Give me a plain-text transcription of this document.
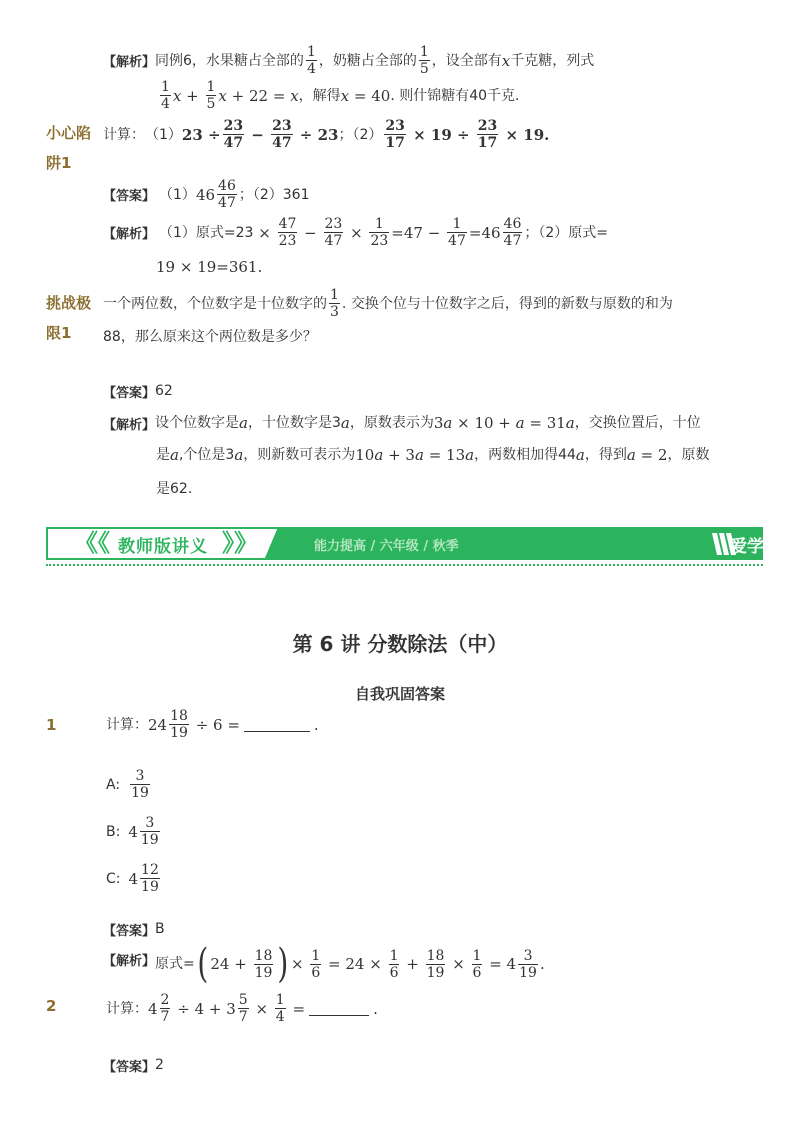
【解析】 同例6，水果糖占全部的 $\frac{1}{4}$ ，奶糖占全部的 $\frac{1}{5}$ ，设全部有 x 千克糖，列式
$\frac{1}{4}$ $x + \frac{1}{5}$ x + 22 = x ，解得 x = 40 . 则什锦糖有40千克.
小心陷
阱1
计算： （1） $23 \div \frac{23}{47} - \frac{23}{47} \div 23$ ；$(2) \frac{23}{17} \times 19 \div \frac{23}{17} \times 19$.
【答案】 （1） $46 \frac{46}{47}$ ；（2）361
【解析】 （1）原式$=23 \times \frac{47}{23} - \frac{23}{47} \times \frac{1}{23} =47 - \frac{1}{47} =46 \frac{46}{47}$ ；（2）原式=
19 × 19=361.
挑战极
限1
一个两位数，个位数字是十位数字的 $\frac{1}{3}$ . 交换个位与十位数字之后，得到的新数与原数的和为
88，那么原来这个两位数是多少？
【答案】 62
【解析】 设个位数字是 a ，十位数字是3 a ，原数表示为 3a × 10 + a = 31a ，交换位置后，十位
是 a ,个位是3 a ，则新数可表示为 10a + 3a = 13a ，两数相加得44 a ，得到 a = 2 ，原数
是62.
《《 教师版讲义 》》	能力提高 / 六年级 / 秋季	爱学习
第 6 讲 分数除法（中）
自我巩固答案
1	计算： $24 \frac{18}{19} \div 6$ =	.
A: $\frac{3}{19}$
B: $4 \frac{3}{19}$
C: $4 \frac{12}{19}$
【答案】 B
【解析】 原式= ( $24 + \frac{18}{19}$ ) × $\frac{1}{6} = 24 \times \frac{1}{6} + \frac{18}{19} \times \frac{1}{6} = 4 \frac{3}{19}$ .
2	计算： $4 \frac{2}{7} \div 4 + 3 \frac{5}{7} \times \frac{1}{4}$ =	.
【答案】 2
